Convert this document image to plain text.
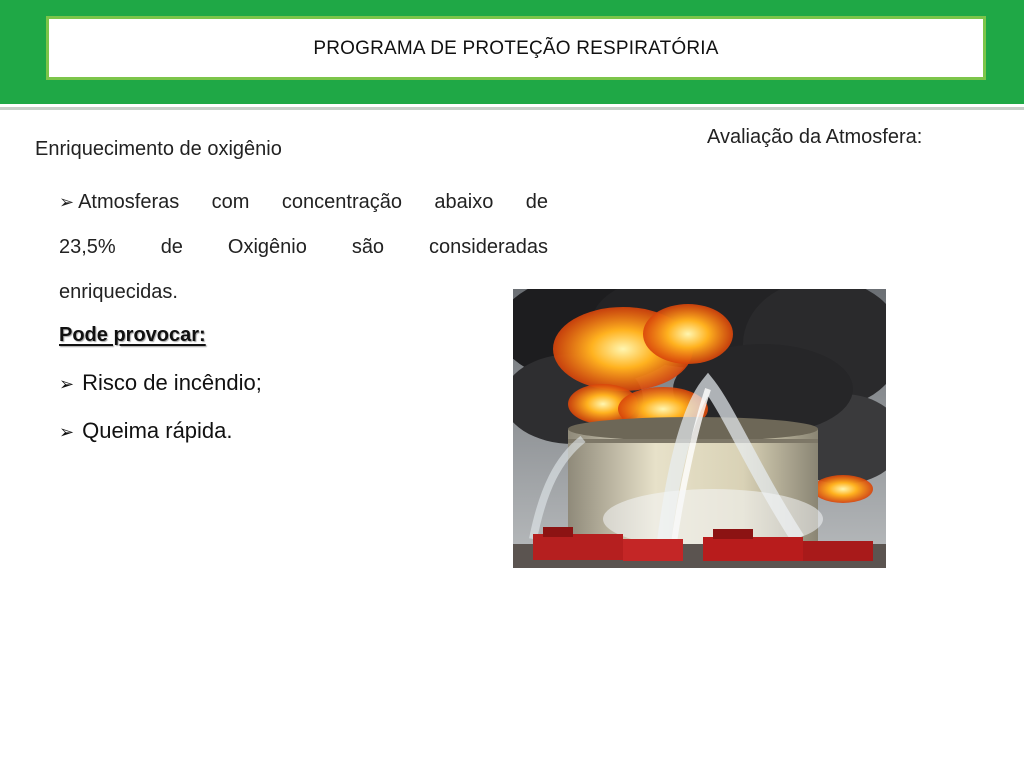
PROGRAMA DE PROTEÇÃO RESPIRATÓRIA
Enriquecimento de oxigênio
Avaliação da Atmosfera:
➢ Atmosferas com concentração abaixo de
23,5% de Oxigênio são consideradas
enriquecidas.
Pode provocar:
➢ Risco de incêndio;
➢ Queima rápida.
